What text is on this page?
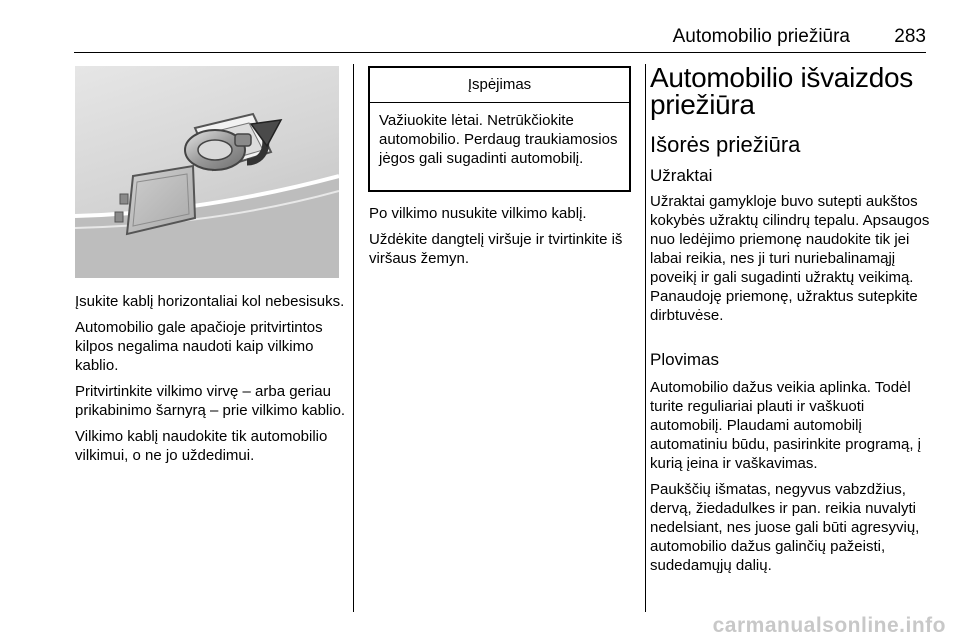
Automobilio priežiūra	283

Įsukite kablį horizontaliai kol nebesisuks.

Automobilio gale apačioje pritvirtintos kilpos negalima naudoti kaip vilkimo kablio.

Pritvirtinkite vilkimo virvę – arba geriau prikabinimo šarnyrą – prie vilkimo kablio.

Vilkimo kablį naudokite tik automobilio vilkimui, o ne jo uždedimui.

Įspėjimas
Važiuokite lėtai. Netrūkčiokite automobilio. Perdaug traukiamosios jėgos gali sugadinti automobilį.

Po vilkimo nusukite vilkimo kablį.

Uždėkite dangtelį viršuje ir tvirtinkite iš viršaus žemyn.

Automobilio išvaizdos priežiūra
Išorės priežiūra
Užraktai

Užraktai gamykloje buvo sutepti aukštos kokybės užraktų cilindrų tepalu. Apsaugos nuo ledėjimo priemonę naudokite tik jei labai reikia, nes ji turi nuriebalinamąjį poveikį ir gali sugadinti užraktų veikimą. Panaudoję priemonę, užraktus sutepkite dirbtuvėse.

Plovimas

Automobilio dažus veikia aplinka. Todėl turite reguliariai plauti ir vaškuoti automobilį. Plaudami automobilį automatiniu būdu, pasirinkite programą, į kurią įeina ir vaškavimas.

Paukščių išmatas, negyvus vabzdžius, dervą, žiedadulkes ir pan. reikia nuvalyti nedelsiant, nes juose gali būti agresyvių, automobilio dažus galinčių pažeisti, sudedamųjų dalių.

carmanualsonline.info
